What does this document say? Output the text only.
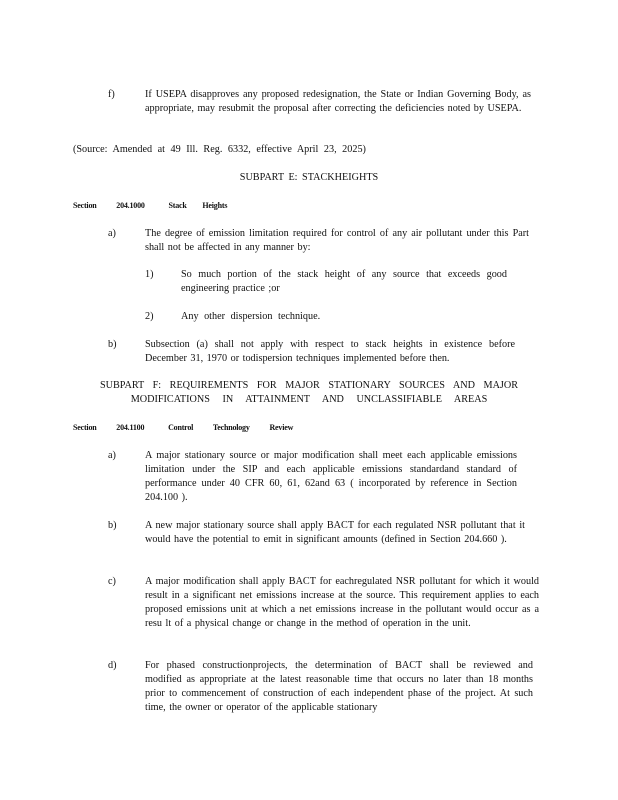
f)	If USEPA disapproves any proposed redesignation, the State or Indian Governing Body, as appropriate, may resubmit the proposal after correcting the deficiencies noted by USEPA.
(Source: Amended at 49 Ill. Reg. 6332, effective April 23, 2025)
SUBPART E: STACKHEIGHTS
Section 204.1000	Stack Heights
a)	The degree of emission limitation required for control of any air pollutant under this Part shall not be affected in any manner by:
1)	So much portion of the stack height of any source that exceeds good engineering practice ;or
2)	Any other dispersion technique.
b)	Subsection (a) shall not apply with respect to stack heights in existence before December 31, 1970 or todispersion techniques implemented before then.
SUBPART F: REQUIREMENTS FOR MAJOR STATIONARY SOURCES AND MAJOR
MODIFICATIONS IN ATTAINMENT AND UNCLASSIFIABLE AREAS
Section 204.1100	Control Technology Review
a)	A major stationary source or major modification shall meet each applicable emissions limitation under the SIP and each applicable emissions standardand standard of performance under 40 CFR 60, 61, 62and 63 ( incorporated by reference in Section 204.100 ).
b)	A new major stationary source shall apply BACT for each regulated NSR pollutant that it would have the potential to emit in significant amounts (defined in Section 204.660 ).
c)	A major modification shall apply BACT for eachregulated NSR pollutant for which it would result in a significant net emissions increase at the source. This requirement applies to each proposed emissions unit at which a net emissions increase in the pollutant would occur as a resu lt of a physical change or change in the method of operation in the unit.
d)	For phased constructionprojects, the determination of BACT shall be reviewed and modified as appropriate at the latest reasonable time that occurs no later than 18 months prior to commencement of construction of each independent phase of the project. At such time, the owner or operator of the applicable stationary
